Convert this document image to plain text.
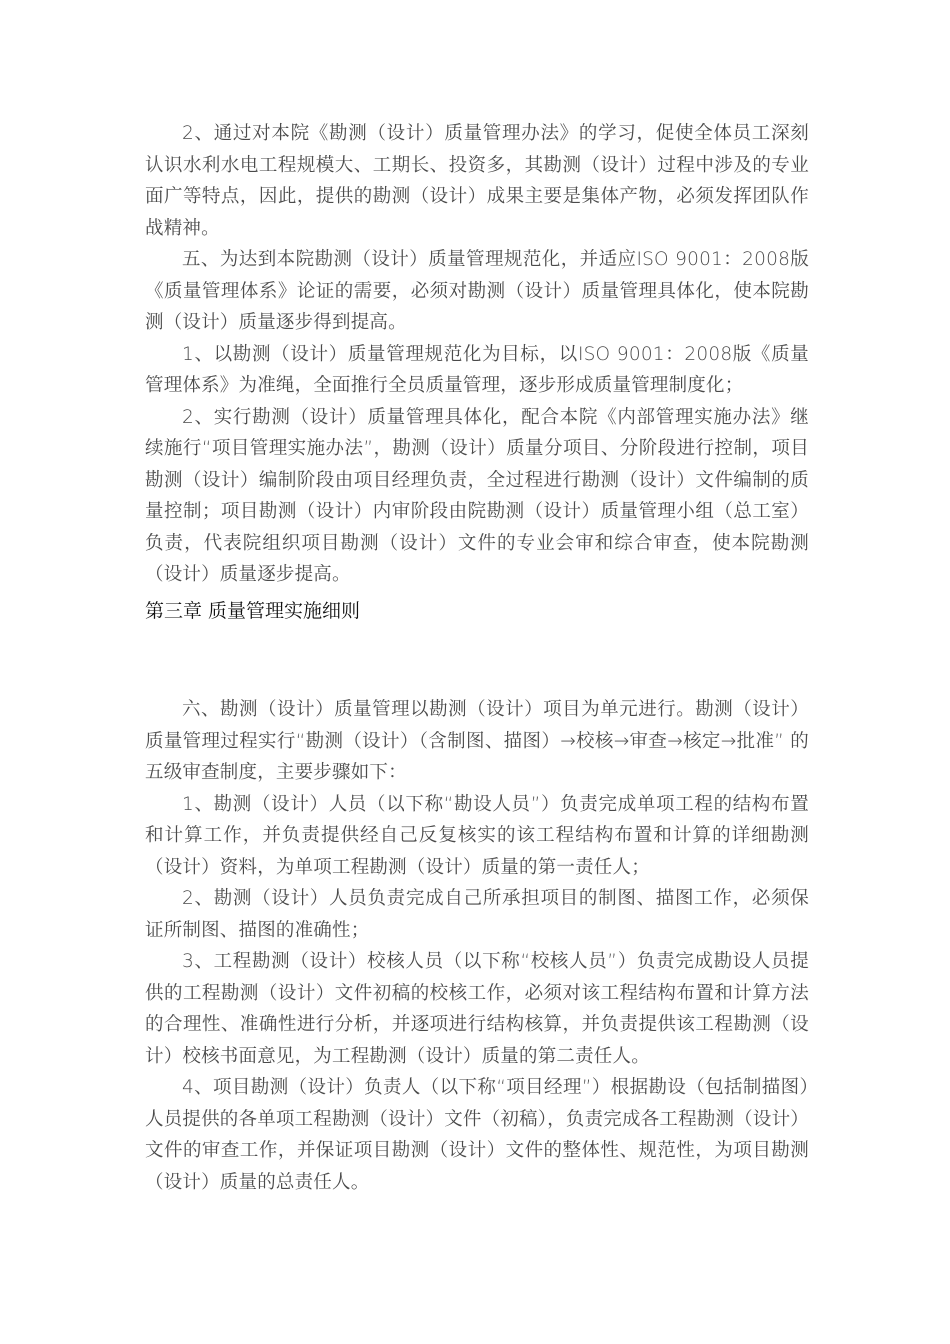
2、通过对本院《勘测（设计）质量管理办法》的学习，促使全体员工深刻认识水利水电工程规模大、工期长、投资多，其勘测（设计）过程中涉及的专业面广等特点，因此，提供的勘测（设计）成果主要是集体产物，必须发挥团队作战精神。

五、为达到本院勘测（设计）质量管理规范化，并适应ISO 9001：2008版《质量管理体系》论证的需要，必须对勘测（设计）质量管理具体化，使本院勘测（设计）质量逐步得到提高。

1、以勘测（设计）质量管理规范化为目标，以ISO 9001：2008版《质量管理体系》为准绳，全面推行全员质量管理，逐步形成质量管理制度化；

2、实行勘测（设计）质量管理具体化，配合本院《内部管理实施办法》继续施行“项目管理实施办法”，勘测（设计）质量分项目、分阶段进行控制，项目勘测（设计）编制阶段由项目经理负责，全过程进行勘测（设计）文件编制的质量控制；项目勘测（设计）内审阶段由院勘测（设计）质量管理小组（总工室）负责，代表院组织项目勘测（设计）文件的专业会审和综合审查，使本院勘测（设计）质量逐步提高。

第三章 质量管理实施细则

六、勘测（设计）质量管理以勘测（设计）项目为单元进行。勘测（设计）质量管理过程实行“勘测（设计）（含制图、描图）→校核→审查→核定→批准” 的五级审查制度，主要步骤如下：

1、勘测（设计）人员（以下称“勘设人员”）负责完成单项工程的结构布置和计算工作，并负责提供经自己反复核实的该工程结构布置和计算的详细勘测（设计）资料，为单项工程勘测（设计）质量的第一责任人；

2、勘测（设计）人员负责完成自己所承担项目的制图、描图工作，必须保证所制图、描图的准确性；

3、工程勘测（设计）校核人员（以下称“校核人员”）负责完成勘设人员提供的工程勘测（设计）文件初稿的校核工作，必须对该工程结构布置和计算方法的合理性、准确性进行分析，并逐项进行结构核算，并负责提供该工程勘测（设计）校核书面意见，为工程勘测（设计）质量的第二责任人。

4、项目勘测（设计）负责人（以下称“项目经理”）根据勘设（包括制描图）人员提供的各单项工程勘测（设计）文件（初稿），负责完成各工程勘测（设计）文件的审查工作，并保证项目勘测（设计）文件的整体性、规范性，为项目勘测（设计）质量的总责任人。
